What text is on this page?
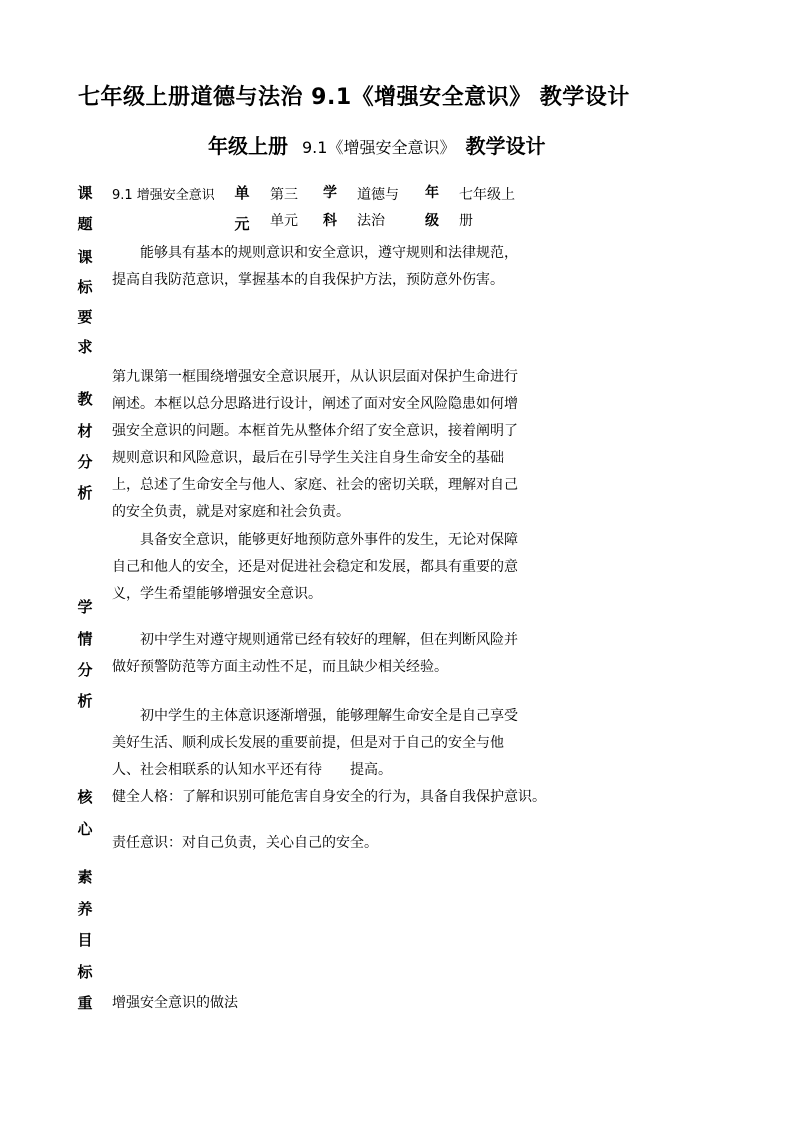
七年级上册道德与法治 9.1《增强安全意识》 教学设计
年级上册 9.1《增强安全意识》 教学设计
课
题
9.1 增强安全意识 单
元
第三
单元
学
科
道德与
法治
年
级
七年级上
册
课
标
要
求
能够具有基本的规则意识和安全意识，遵守规则和法律规范，提高自我防范意识，掌握基本的自我保护方法，预防意外伤害。
教
材
分
析
第九课第一框围绕增强安全意识展开，从认识层面对保护生命进行阐述。本框以总分思路进行设计，阐述了面对安全风险隐患如何增强安全意识的问题。本框首先从整体介绍了安全意识，接着阐明了规则意识和风险意识，最后在引导学生关注自身生命安全的基础上，总述了生命安全与他人、家庭、社会的密切关联，理解对自己的安全负责，就是对家庭和社会负责。
具备安全意识，能够更好地预防意外事件的发生，无论对保障自己和他人的安全，还是对促进社会稳定和发展，都具有重要的意义，学生希望能够增强安全意识。
学
情
分
析
初中学生对遵守规则通常已经有较好的理解，但在判断风险并做好预警防范等方面主动性不足，而且缺少相关经验。
初中学生的主体意识逐渐增强，能够理解生命安全是自己享受美好生活、顺利成长发展的重要前提，但是对于自己的安全与他人、社会相联系的认知水平还有待　　提高。
核
心
素
养
目
标
健全人格：了解和识别可能危害自身安全的行为，具备自我保护意识。
责任意识：对自己负责，关心自己的安全。
重 增强安全意识的做法
